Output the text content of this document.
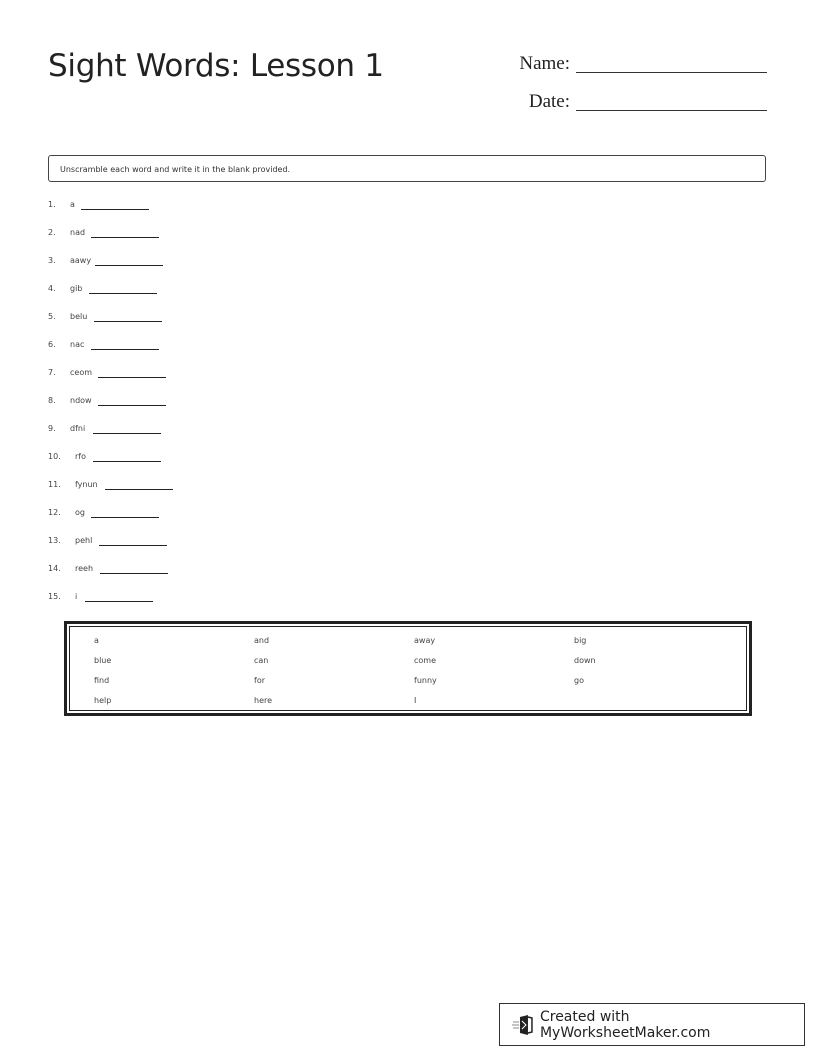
Sight Words: Lesson 1	Name:
Date:
Unscramble each word and write it in the blank provided.
1. a
2. nad
3. aawy
4. gib
5. belu
6. nac
7. ceom
8. ndow
9. dfni
10. rfo
11. fynun
12. og
13. pehl
14. reeh
15. i
a	and	away	big
blue	can	come	down
find	for	funny	go
help	here	I
Created with MyWorksheetMaker.com
